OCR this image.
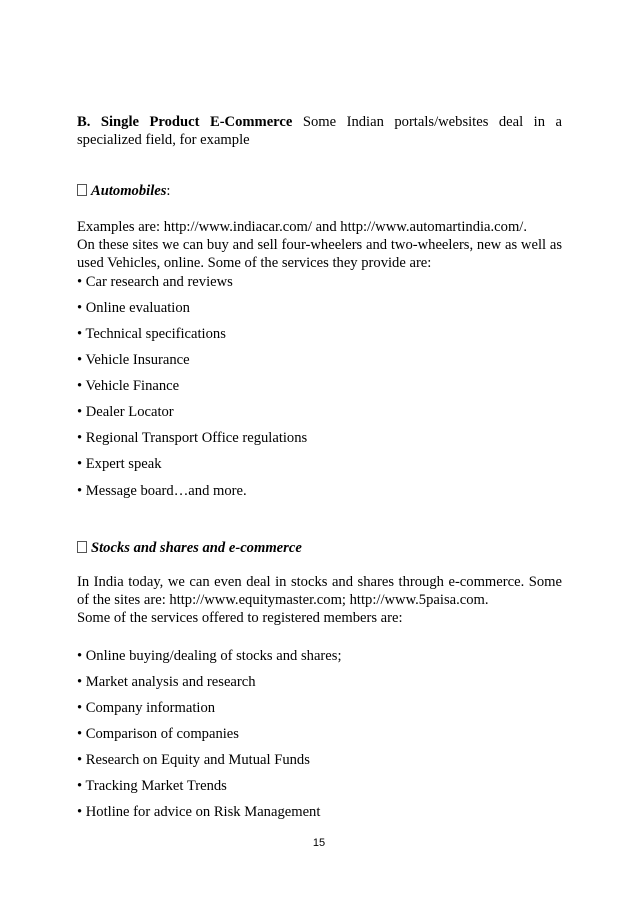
B. Single Product E-Commerce Some Indian portals/websites deal in a specialized field, for example
Automobiles:
Examples are: http://www.indiacar.com/ and http://www.automartindia.com/.
On these sites we can buy and sell four-wheelers and two-wheelers, new as well as used Vehicles, online. Some of the services they provide are:
• Car research and reviews
• Online evaluation
• Technical specifications
• Vehicle Insurance
• Vehicle Finance
• Dealer Locator
• Regional Transport Office regulations
• Expert speak
• Message board…and more.
Stocks and shares and e-commerce
In India today, we can even deal in stocks and shares through e-commerce. Some of the sites are: http://www.equitymaster.com; http://www.5paisa.com.
Some of the services offered to registered members are:
• Online buying/dealing of stocks and shares;
• Market analysis and research
• Company information
• Comparison of companies
• Research on Equity and Mutual Funds
• Tracking Market Trends
• Hotline for advice on Risk Management
15
